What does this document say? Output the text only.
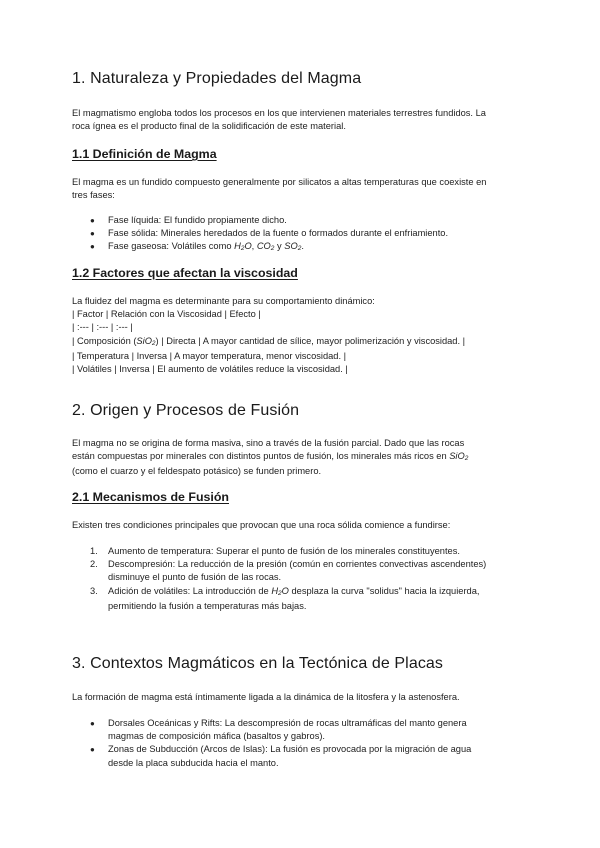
1. Naturaleza y Propiedades del Magma

El magmatismo engloba todos los procesos en los que intervienen materiales terrestres fundidos. La
roca ígnea es el producto final de la solidificación de este material.

1.1 Definición de Magma

El magma es un fundido compuesto generalmente por silicatos a altas temperaturas que coexiste en
tres fases:

● Fase líquida: El fundido propiamente dicho.
● Fase sólida: Minerales heredados de la fuente o formados durante el enfriamiento.
● Fase gaseosa: Volátiles como H2O, CO2 y SO2.
1.2 Factores que afectan la viscosidad

La fluidez del magma es determinante para su comportamiento dinámico:
| Factor | Relación con la Viscosidad | Efecto |
| :--- | :--- | :--- |
| Composición (SiO2) | Directa | A mayor cantidad de sílice, mayor polimerización y viscosidad. |
| Temperatura | Inversa | A mayor temperatura, menor viscosidad. |
| Volátiles | Inversa | El aumento de volátiles reduce la viscosidad. |

2. Origen y Procesos de Fusión

El magma no se origina de forma masiva, sino a través de la fusión parcial. Dado que las rocas
están compuestas por minerales con distintos puntos de fusión, los minerales más ricos en SiO2
(como el cuarzo y el feldespato potásico) se funden primero.

2.1 Mecanismos de Fusión

Existen tres condiciones principales que provocan que una roca sólida comience a fundirse:

1. Aumento de temperatura: Superar el punto de fusión de los minerales constituyentes.
2. Descompresión: La reducción de la presión (común en corrientes convectivas ascendentes)
disminuye el punto de fusión de las rocas.
3. Adición de volátiles: La introducción de H2O desplaza la curva "solidus" hacia la izquierda,
permitiendo la fusión a temperaturas más bajas.
3. Contextos Magmáticos en la Tectónica de Placas

La formación de magma está íntimamente ligada a la dinámica de la litosfera y la astenosfera.

● Dorsales Oceánicas y Rifts: La descompresión de rocas ultramáficas del manto genera
magmas de composición máfica (basaltos y gabros).
● Zonas de Subducción (Arcos de Islas): La fusión es provocada por la migración de agua
desde la placa subducida hacia el manto.
